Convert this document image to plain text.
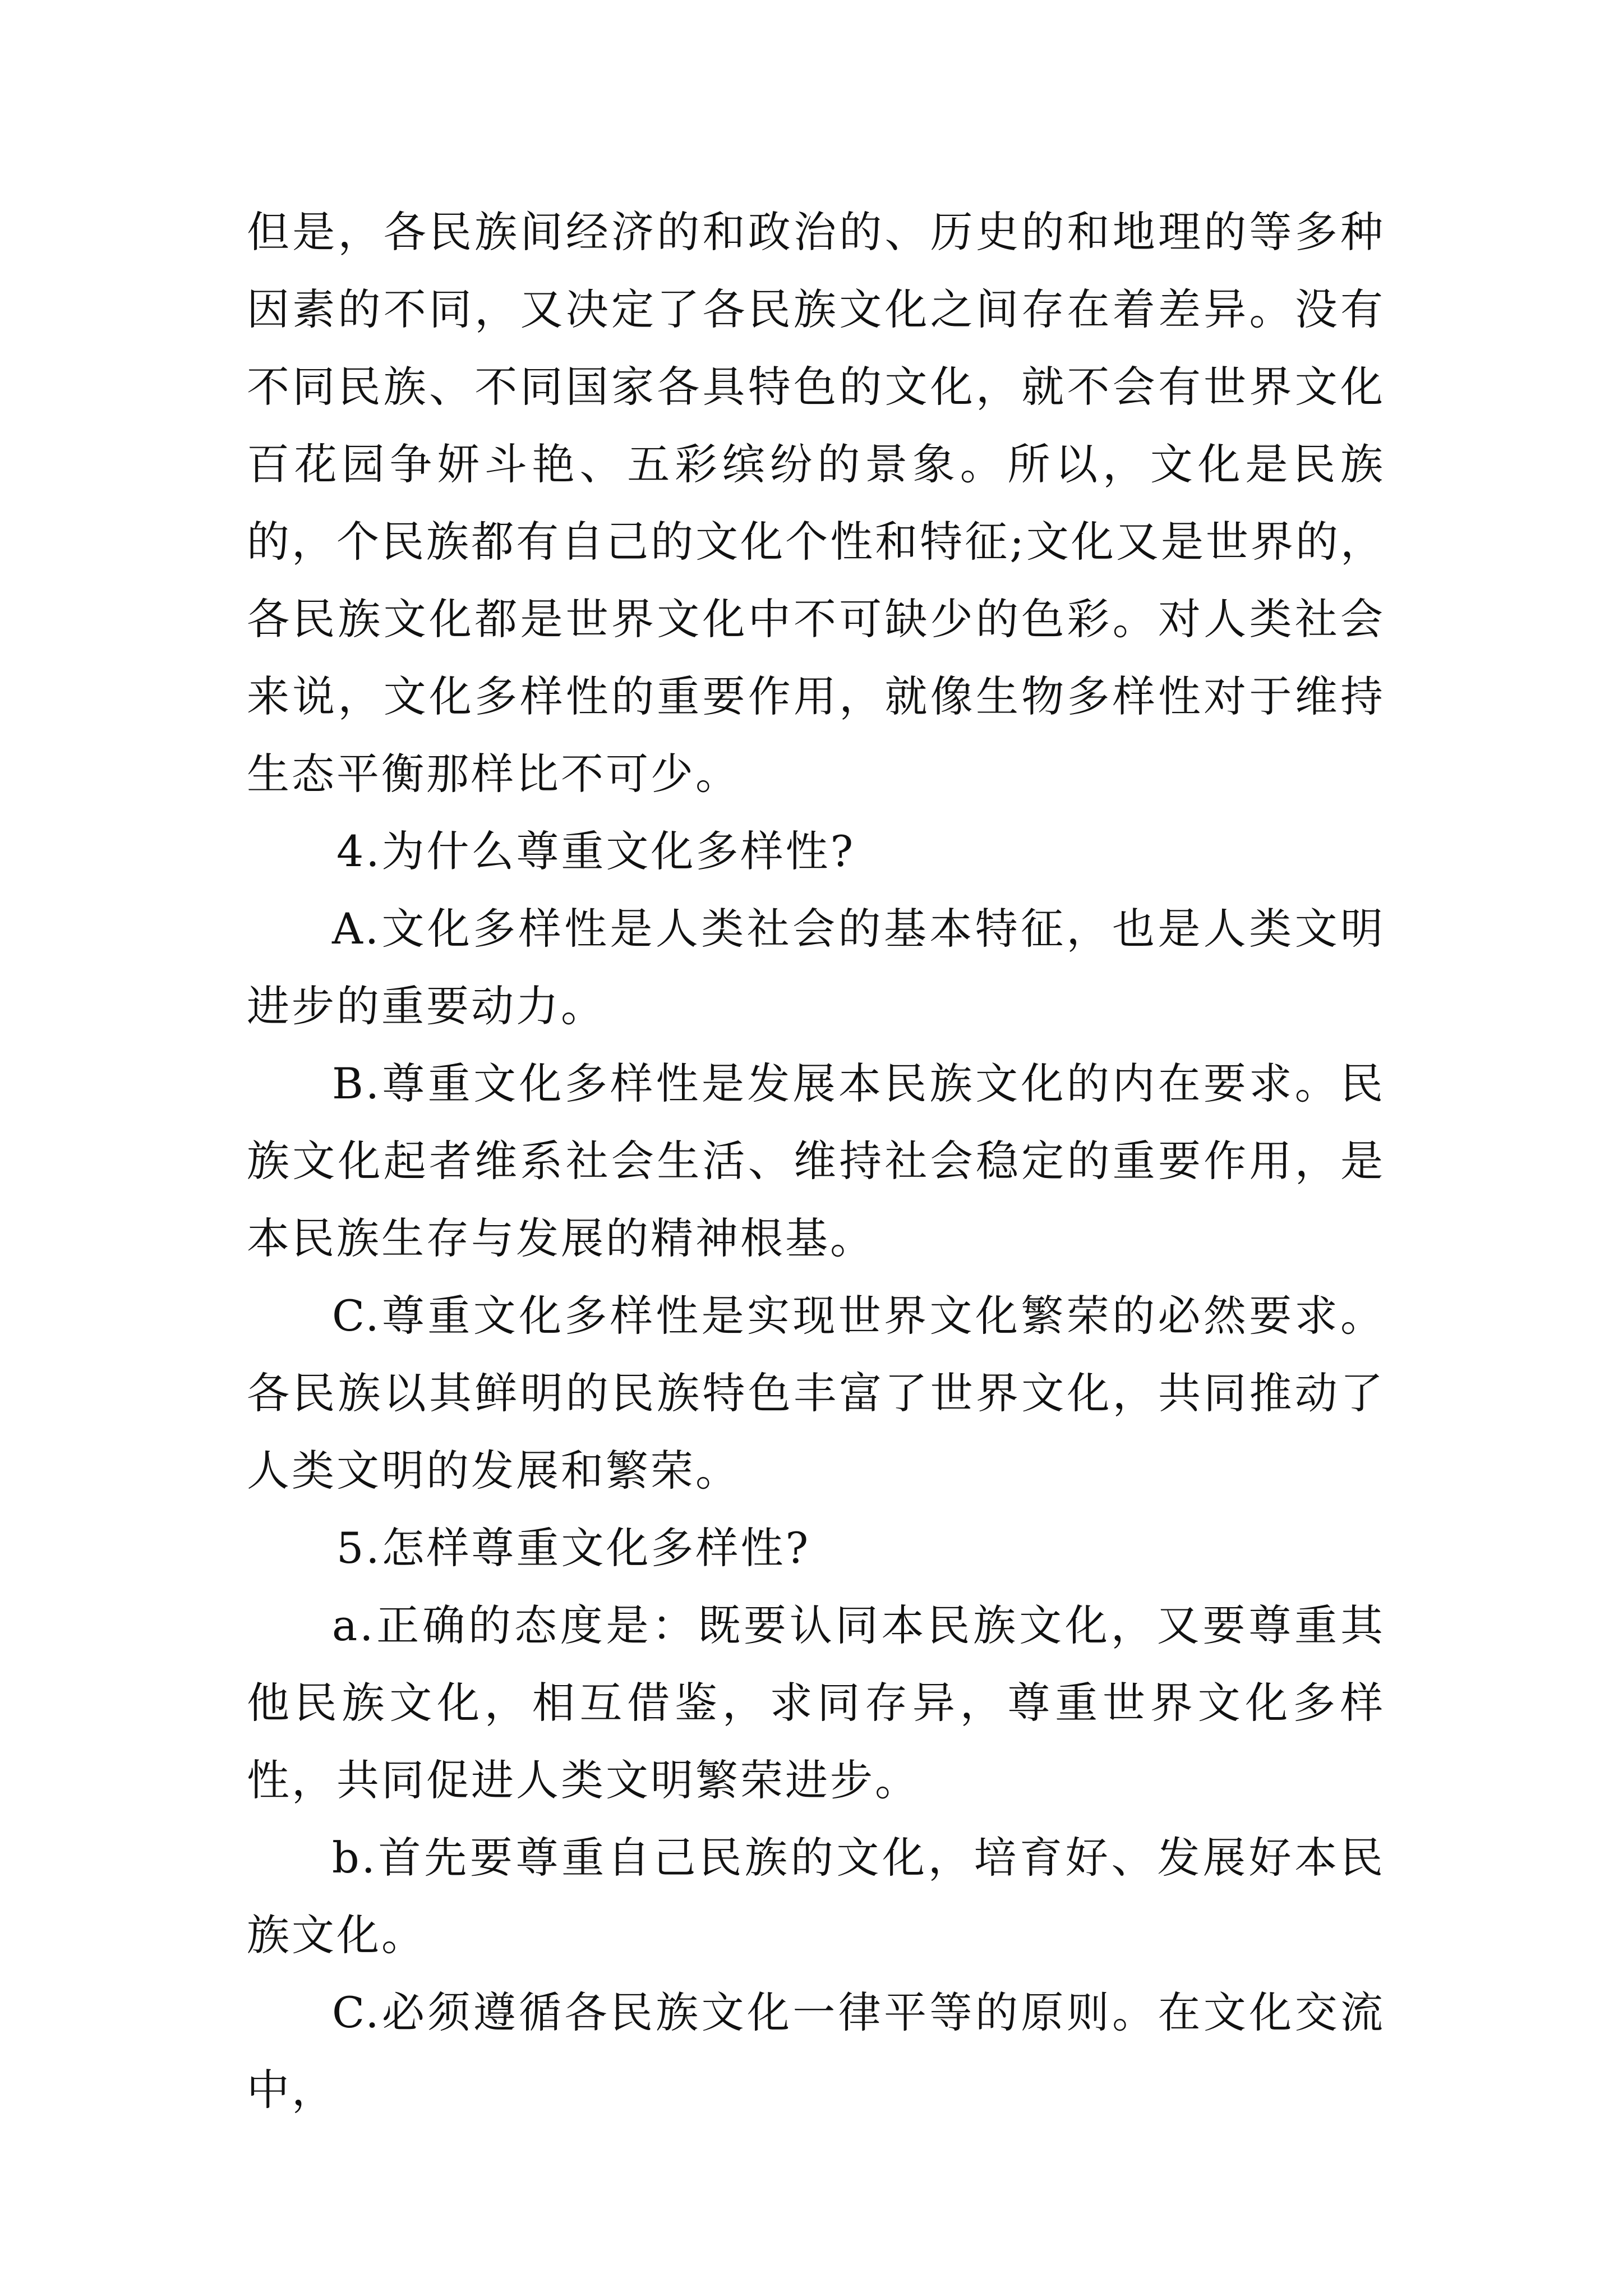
但是，各民族间经济的和政治的、历史的和地理的等多种因素的不同，又决定了各民族文化之间存在着差异。没有不同民族、不同国家各具特色的文化，就不会有世界文化百花园争妍斗艳、五彩缤纷的景象。所以，文化是民族的，个民族都有自己的文化个性和特征;文化又是世界的，各民族文化都是世界文化中不可缺少的色彩。对人类社会来说，文化多样性的重要作用，就像生物多样性对于维持生态平衡那样比不可少。

4.为什么尊重文化多样性?

A.文化多样性是人类社会的基本特征，也是人类文明进步的重要动力。

B.尊重文化多样性是发展本民族文化的内在要求。民族文化起者维系社会生活、维持社会稳定的重要作用，是本民族生存与发展的精神根基。

C.尊重文化多样性是实现世界文化繁荣的必然要求。各民族以其鲜明的民族特色丰富了世界文化，共同推动了人类文明的发展和繁荣。

5.怎样尊重文化多样性?

a.正确的态度是：既要认同本民族文化，又要尊重其他民族文化，相互借鉴，求同存异，尊重世界文化多样性，共同促进人类文明繁荣进步。

b.首先要尊重自己民族的文化，培育好、发展好本民族文化。

C.必须遵循各民族文化一律平等的原则。在文化交流中，
